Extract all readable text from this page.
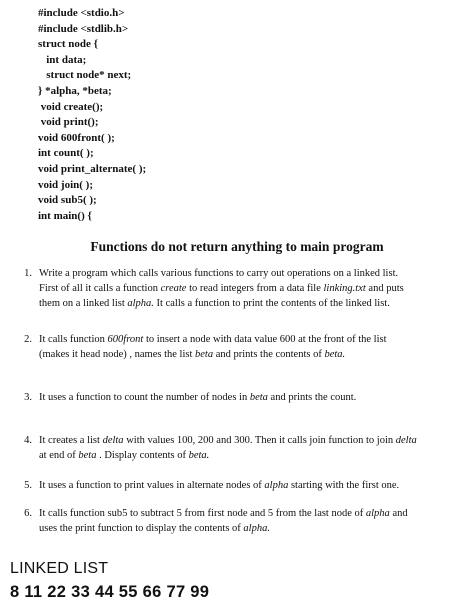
#include <stdio.h>
#include <stdlib.h>
struct node {
int data;
struct node* next;
} *alpha, *beta;
void create();
void print();
void 600front( );
int count( );
void print_alternate( );
void join( );
void sub5( );
int main() {
Functions do not return anything to main program
1. Write a program which calls various functions to carry out operations on a linked list.
First of all it calls a function create to read integers from a data file linking.txt and puts
them on a linked list alpha. It calls a function to print the contents of the linked list.
2. It calls function 600front to insert a node with data value 600 at the front of the list
(makes it head node) , names the list beta and prints the contents of beta.
3. It uses a function to count the number of nodes in beta and prints the count.
4. It creates a list delta with values 100, 200 and 300. Then it calls join function to join delta
at end of beta . Display contents of beta.
5. It uses a function to print values in alternate nodes of alpha starting with the first one.
6. It calls function sub5 to subtract 5 from first node and 5 from the last node of alpha and
uses the print function to display the contents of alpha.
LINKED LIST
8 11 22 33 44 55 66 77 99
